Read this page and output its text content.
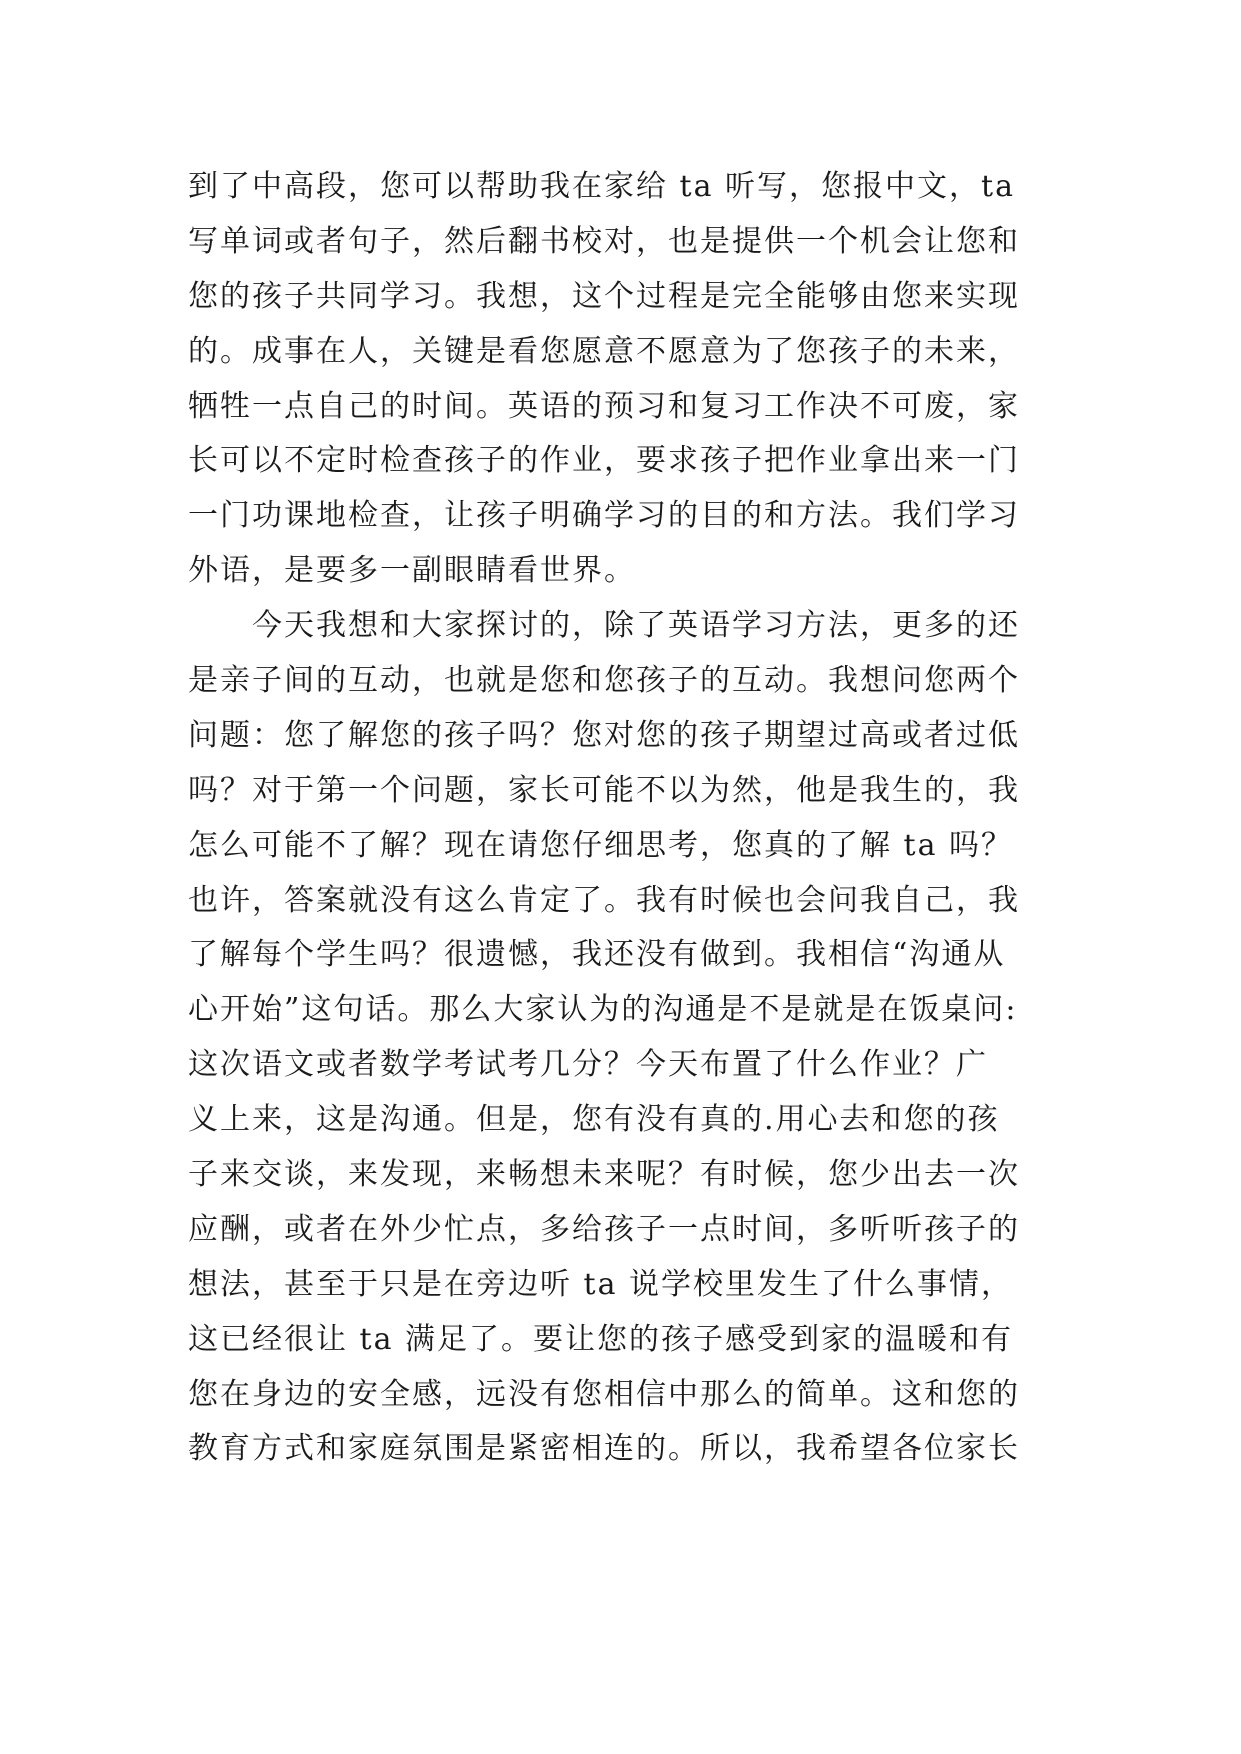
到了中高段，您可以帮助我在家给 ta 听写，您报中文，ta
写单词或者句子，然后翻书校对，也是提供一个机会让您和
您的孩子共同学习。我想，这个过程是完全能够由您来实现
的。成事在人，关键是看您愿意不愿意为了您孩子的未来，
牺牲一点自己的时间。英语的预习和复习工作决不可废，家
长可以不定时检查孩子的作业，要求孩子把作业拿出来一门
一门功课地检查，让孩子明确学习的目的和方法。我们学习
外语，是要多一副眼睛看世界。
今天我想和大家探讨的，除了英语学习方法，更多的还
是亲子间的互动，也就是您和您孩子的互动。我想问您两个
问题：您了解您的孩子吗？您对您的孩子期望过高或者过低
吗？对于第一个问题，家长可能不以为然，他是我生的，我
怎么可能不了解？现在请您仔细思考，您真的了解 ta 吗？
也许，答案就没有这么肯定了。我有时候也会问我自己，我
了解每个学生吗？很遗憾，我还没有做到。我相信“沟通从
心开始”这句话。那么大家认为的沟通是不是就是在饭桌问:
这次语文或者数学考试考几分？今天布置了什么作业？广
义上来，这是沟通。但是，您有没有真的.用心去和您的孩
子来交谈，来发现，来畅想未来呢？有时候，您少出去一次
应酬，或者在外少忙点，多给孩子一点时间，多听听孩子的
想法，甚至于只是在旁边听 ta 说学校里发生了什么事情，
这已经很让 ta 满足了。要让您的孩子感受到家的温暖和有
您在身边的安全感，远没有您相信中那么的简单。这和您的
教育方式和家庭氛围是紧密相连的。所以，我希望各位家长
